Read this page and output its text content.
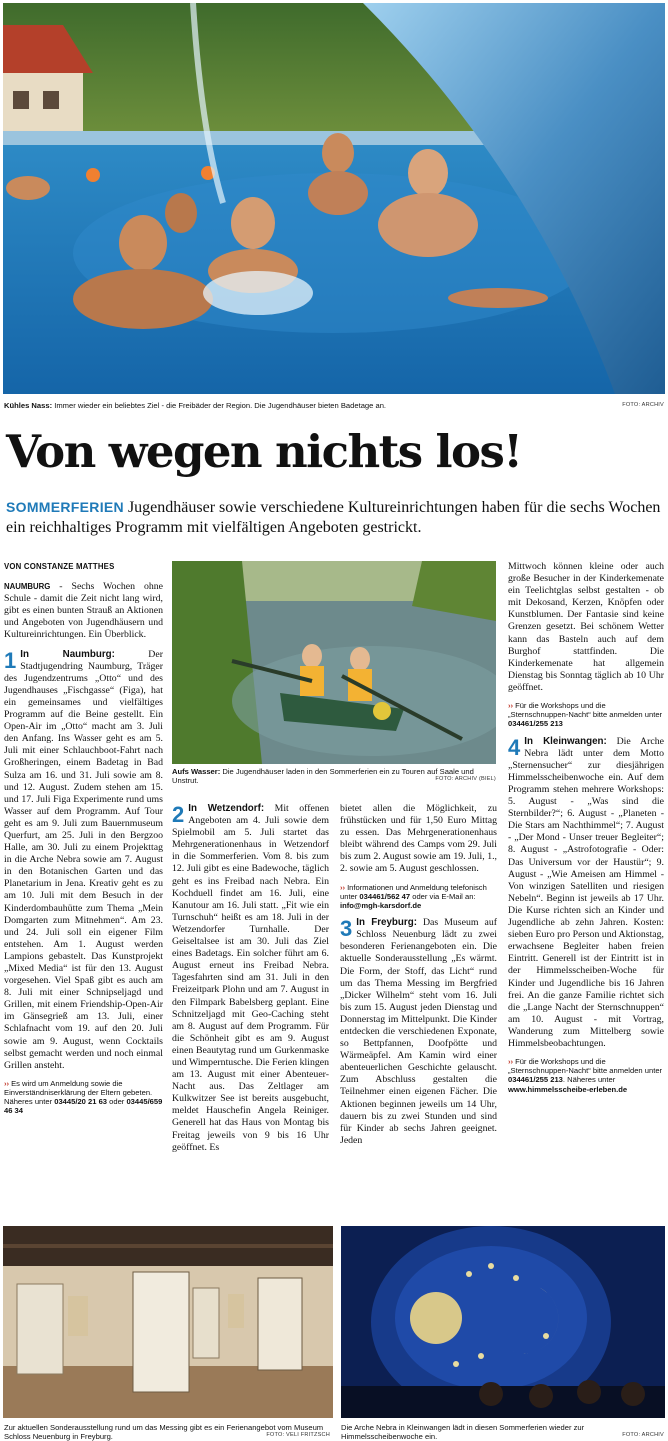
Kühles Nass: Immer wieder ein beliebtes Ziel - die Freibäder der Region. Die Jugendhäuser bieten Badetage an.	FOTO: ARCHIV
Von wegen nichts los!
SOMMERFERIEN Jugendhäuser sowie verschiedene Kultureinrichtungen haben für die sechs Wochen ein reichhaltiges Programm mit vielfältigen Angeboten gestrickt.

VON CONSTANZE MATTHES

NAUMBURG - Sechs Wochen ohne Schule - damit die Zeit nicht lang wird, gibt es einen bunten Strauß an Aktionen und Angeboten von Jugendhäusern und Kultureinrichtungen. Ein Überblick.

1 In Naumburg: Der Stadtjugendring Naumburg, Träger des Jugendzentrums „Otto“ und des Jugendhauses „Fischgasse“ (Figa), hat ein gemeinsames und vielfältiges Programm auf die Beine gestellt. Ein Open-Air im „Otto“ macht am 3. Juli den Anfang. Ins Wasser geht es am 5. Juli mit einer Schlauchboot-Fahrt nach Großheringen, einem Badetag in Bad Sulza am 16. und 31. Juli sowie am 8. und 12. August. Zudem stehen am 15. und 17. Juli Figa Experimente rund ums Wasser auf dem Programm. Auf Tour geht es am 9. Juli zum Bauernmuseum Querfurt, am 25. Juli in den Bergzoo Halle, am 30. Juli zu einem Projekttag in die Arche Nebra sowie am 7. August in den Botanischen Garten und das Planetarium in Jena. Kreativ geht es zu am 10. Juli mit dem Besuch in der Kinderdombauhütte zum Thema „Mein Domgarten zum Mitnehmen“. Am 23. und 24. Juli soll ein eigener Film entstehen. Am 1. August werden Lampions gebastelt. Das Kunstprojekt „Mixed Media“ ist für den 13. August vorgesehen. Viel Spaß gibt es auch am 8. Juli mit einer Schnipseljagd und Grillen, mit einem Friendship-Open-Air im Gänsegrieß am 13. Juli, einer Schlafnacht vom 19. auf den 20. Juli sowie am 9. August, wenn Cocktails selbst gemacht werden und noch einmal Grillen ansteht.

›› Es wird um Anmeldung sowie die Einverständniserklärung der Eltern gebeten. Näheres unter 03445/20 21 63 oder 03445/659 46 34

Aufs Wasser: Die Jugendhäuser laden in den Sommerferien ein zu Touren auf Saale und Unstrut.	FOTO: ARCHIV (BIEL)

2 In Wetzendorf: Mit offenen Angeboten am 4. Juli sowie dem Spielmobil am 5. Juli startet das Mehrgenerationenhaus in Wetzendorf in die Sommerferien. Vom 8. bis zum 12. Juli gibt es eine Badewoche, täglich geht es ins Freibad nach Nebra. Ein Kochduell findet am 16. Juli, eine Kanutour am 16. Juli statt. „Fit wie ein Turnschuh“ heißt es am 18. Juli in der Wetzendorfer Turnhalle. Der Geiseltalsee ist am 30. Juli das Ziel eines Badetags. Ein solcher führt am 6. August erneut ins Freibad Nebra. Tagesfahrten sind am 31. Juli in den Freizeitpark Plohn und am 7. August in den Filmpark Babelsberg geplant. Eine Schnitzeljagd mit Geo-Caching steht am 8. August auf dem Programm. Für die Schönheit gibt es am 9. August einen Beautytag rund um Gurkenmaske und Wimperntusche. Die Ferien klingen am 13. August mit einer Abenteuer-Nacht aus. Das Zeltlager am Kulkwitzer See ist bereits ausgebucht, meldet Hauschefin Angela Reiniger. Generell hat das Haus von Montag bis Freitag jeweils von 9 bis 16 Uhr geöffnet. Es

bietet allen die Möglichkeit, zu frühstücken und für 1,50 Euro Mittag zu essen. Das Mehrgenerationenhaus bleibt während des Camps vom 29. Juli bis zum 2. August sowie am 19. Juli, 1., 2. sowie am 5. August geschlossen.

›› Informationen und Anmeldung telefonisch unter 034461/562 47 oder via E-Mail an: info@mgh-karsdorf.de

3 In Freyburg: Das Museum auf Schloss Neuenburg lädt zu zwei besonderen Ferienangeboten ein. Die aktuelle Sonderausstellung „Es wärmt. Die Form, der Stoff, das Licht“ rund um das Thema Messing im Bergfried „Dicker Wilhelm“ steht vom 16. Juli bis zum 15. August jeden Dienstag und Donnerstag im Mittelpunkt. Die Kinder entdecken die verschiedenen Exponate, so Bettpfannen, Doofpötte und Wärmeäpfel. Am Kamin wird einer abenteuerlichen Geschichte gelauscht. Zum Abschluss gestalten die Teilnehmer einen eigenen Fächer. Die Aktionen beginnen jeweils um 14 Uhr, dauern bis zu zwei Stunden und sind für Kinder ab sechs Jahren geeignet. Jeden

Mittwoch können kleine oder auch große Besucher in der Kinderkemenate ein Teelichtglas selbst gestalten - ob mit Dekosand, Kerzen, Knöpfen oder Kunstblumen. Der Fantasie sind keine Grenzen gesetzt. Bei schönem Wetter kann das Basteln auch auf dem Burghof stattfinden. Die Kinderkemenate hat allgemein Dienstag bis Sonntag täglich ab 10 Uhr geöffnet.

›› Für die Workshops und die „Sternschnuppen-Nacht“ bitte anmelden unter 034461/255 213

4 In Kleinwangen: Die Arche Nebra lädt unter dem Motto „Sternensucher“ zur diesjährigen Himmelsscheibenwoche ein. Auf dem Programm stehen mehrere Workshops: 5. August - „Was sind die Sternbilder?“; 6. August - „Planeten - Die Stars am Nachthimmel“; 7. August - „Der Mond - Unser treuer Begleiter“; 8. August - „Astrofotografie - Oder: Das Universum vor der Haustür“; 9. August - „Wie Ameisen am Himmel - Von winzigen Satelliten und riesigen Nebeln“. Beginn ist jeweils ab 17 Uhr. Die Kurse richten sich an Kinder und Jugendliche ab zehn Jahren. Kosten: sieben Euro pro Person und Aktionstag, erwachsene Begleiter haben freien Eintritt. Generell ist der Eintritt ist in der Himmelsscheiben-Woche für Kinder und Jugendliche bis 16 Jahren frei. An die ganze Familie richtet sich die „Lange Nacht der Sternschnuppen“ am 10. August - mit Vortrag, Wanderung zum Mittelberg sowie Himmelsbeobachtungen.

›› Für die Workshops und die „Sternschnuppen-Nacht“ bitte anmelden unter 034461/255 213. Näheres unter www.himmelsscheibe-erleben.de

Zur aktuellen Sonderausstellung rund um das Messing gibt es ein Ferienangebot vom Museum Schloss Neuenburg in Freyburg.	FOTO: VELI FRITZSCH
Die Arche Nebra in Kleinwangen lädt in diesen Sommerferien wieder zur Himmelsscheibenwoche ein.	FOTO: ARCHIV
